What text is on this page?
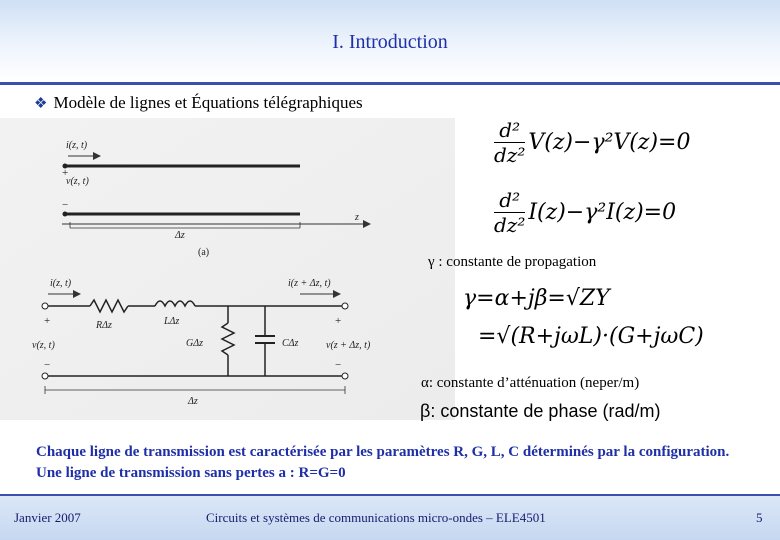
I. Introduction
❖ Modèle de lignes et Équations télégraphiques
i(z, t)
v(z, t)
+
−
Δz
z
(a)
i(z, t)	i(z + Δz, t)
RΔz	LΔz
GΔz	CΔz
v(z, t)	v(z + Δz, t)
+
−
+
−
Δz
$\frac{\text{d²}}{\text{dz²}} V(z)-\gamma^2V(z)=0$
$\frac{\text{d²}}{\text{dz²}} I(z)-\gamma^2I(z)=0$
γ : constante de propagation
γ=α+jβ=√ZY
=√(R+jωL)·(G+jωC)
α: constante d’atténuation (neper/m)
β: constante de phase (rad/m)
Chaque ligne de transmission est caractérisée par les paramètres R, G, L, C déterminés par la configuration. Une ligne de transmission sans pertes a : R=G=0
Janvier 2007	Circuits et systèmes de communications micro-ondes – ELE4501	5
